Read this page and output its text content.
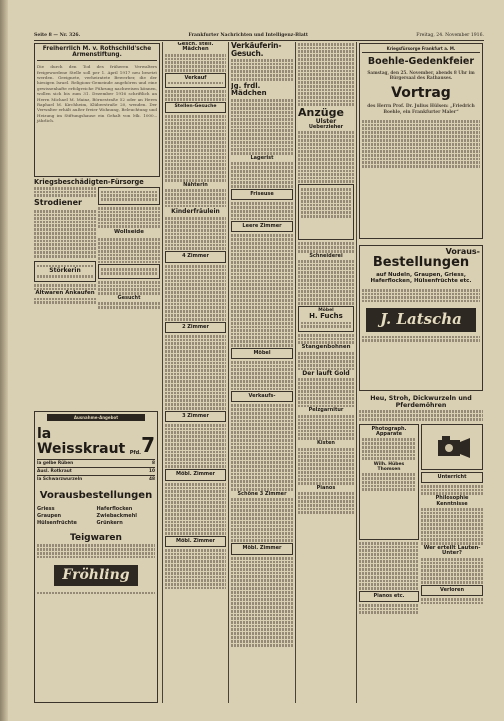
Seite 8 — Nr. 326.	Frankfurter Nachrichten und Intelligenz-Blatt	Freitag, 24. November 1916.
Freiherrlich M. v. Rothschild'sche Armenstiftung.
Die durch den Tod des früheren Verwalters freigewordene Stelle soll per 1. April 1917 neu besetzt werden. Geeignete, verheiratete Bewerber, die der hiesigen Israel. Religions-Gemeinde angehören und eine gewissenhafte erfolgreiche Führung nachweisen können, wollen sich bis zum 31. Dezember 1916 schriftlich an Herrn Michael M. Mainz, Börnestraße 52 oder an Herrn Raphael M. Kirchheim, Klüberstraße 20, wenden. Der Verwalter erhält außer freier Wohnung, Beleuchtung und Heizung im Stiftungshause ein Gehalt von Mk. 1000.– jährlich.
Kriegsbeschädigten-Fürsorge
Strodiener
Störkerin
Altwaren Ankaufen
Wollseide
Gesucht
Ausnahme-Angebot
la Weisskraut Pfd. 7
la gelbe Rüben	8
Ausl. Rotkraut	10
la Schwarzwurzeln	48
Vorausbestellungen
Griess	Haferflocken
Graupen	Zwiebackmehl
Hülsenfrüchte	Grünkern
Teigwaren
Fröhling
Gesch. stell. Mädchen
Verkauf
Stellen-Gesuche
Nähterin
Kinderfräulein
4 Zimmer
2 Zimmer
3 Zimmer
Möbl. Zimmer
Möbl. Zimmer
Verkäuferin-Gesuch.
Jg. frdl. Mädchen
Lagerist
Friseuse
Leere Zimmer
Möbel
Verkaufs-
Schöne 3 Zimmer
Möbl. Zimmer
Anzüge
Ulster
Ueberzieher
Schneiderei
Möbel
H. Fuchs
Stangenbohnen
Der lauft Gold
Pelzgarnitur
Kisten
Pianos
Kriegsfürsorge Frankfurt a. M.
Boehle-Gedenkfeier
Samstag, den 25. November, abends 8 Uhr im Bürgersaal des Rathauses.
Vortrag
des Herrn Prof. Dr. Julius Hülsen: „Friedrich Boehle, ein Frankfurter Maler“
Voraus-
Bestellungen
auf Nudeln, Graupen, Griess, Haferflocken, Hülsenfrüchte etc.
J. Latscha
Heu, Stroh, Dickwurzeln und Pferdemöhren
Photograph. Apparate
Wilh. Hübes Thomsen
Pianos etc.
Unterricht
Philosophie Kenntnisse
Wer erteilt Lauten-Unter?
Verloren
